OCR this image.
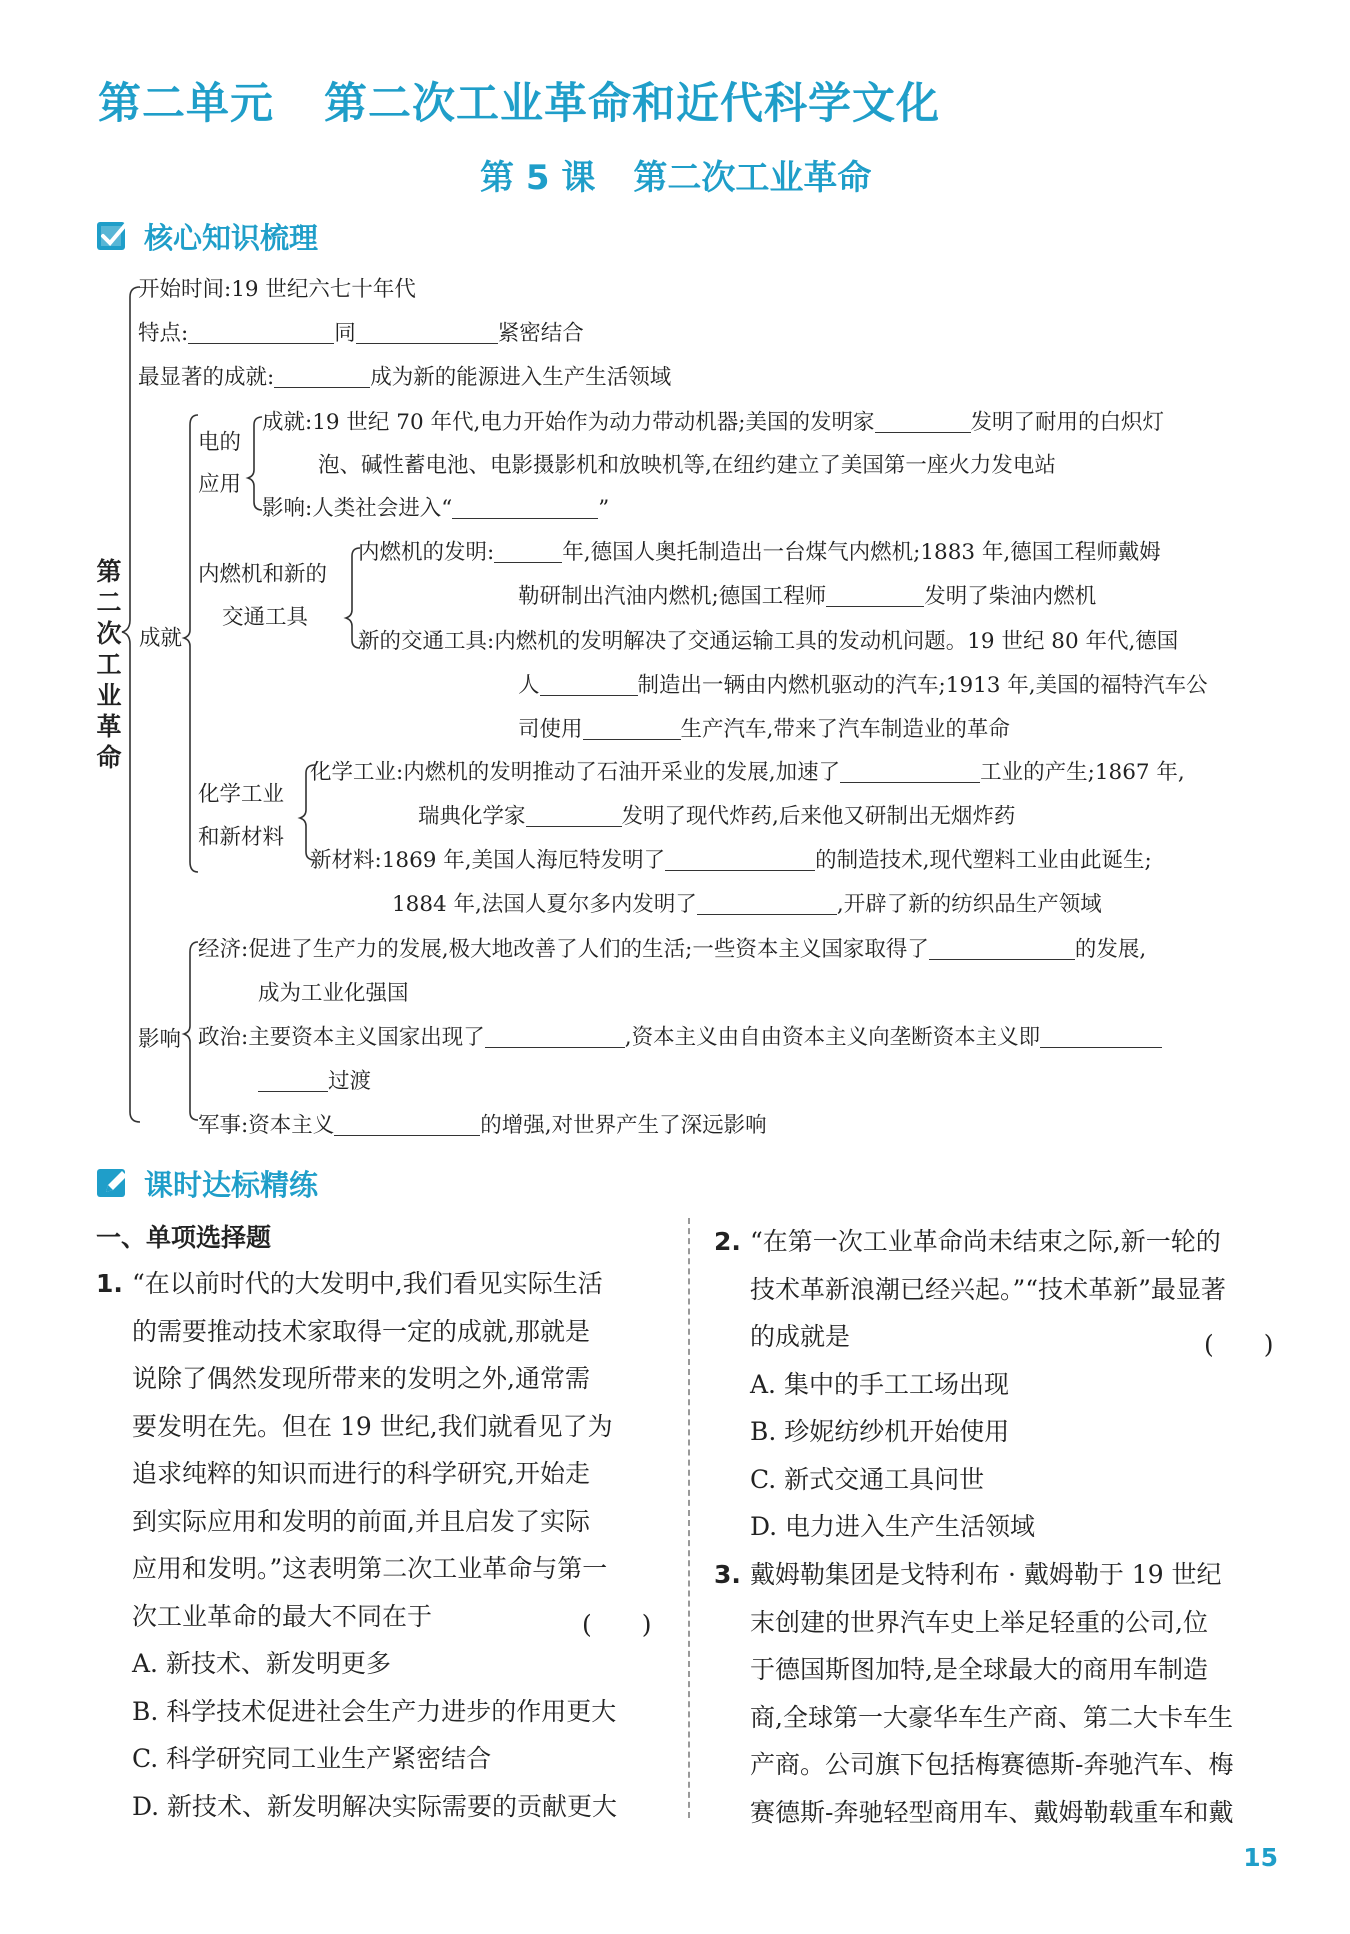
第二单元 第二次工业革命和近代科学文化
第 5 课 第二次工业革命
核心知识梳理
第二次工业革命
开始时间:19 世纪六七十年代
特点:	同	紧密结合
最显著的成就:	成为新的能源进入生产生活领域
成就
电的
应用
成就:19 世纪 70 年代,电力开始作为动力带动机器;美国的发明家	发明了耐用的白炽灯
泡、碱性蓄电池、电影摄影机和放映机等,在纽约建立了美国第一座火力发电站
影响:人类社会进入“	”
内燃机和新的
交通工具
内燃机的发明:	年,德国人奥托制造出一台煤气内燃机;1883 年,德国工程师戴姆
勒研制出汽油内燃机;德国工程师	发明了柴油内燃机
新的交通工具:内燃机的发明解决了交通运输工具的发动机问题。19 世纪 80 年代,德国
人	制造出一辆由内燃机驱动的汽车;1913 年,美国的福特汽车公
司使用	生产汽车,带来了汽车制造业的革命
化学工业
和新材料
化学工业:内燃机的发明推动了石油开采业的发展,加速了	工业的产生;1867 年,
瑞典化学家	发明了现代炸药,后来他又研制出无烟炸药
新材料:1869 年,美国人海厄特发明了	的制造技术,现代塑料工业由此诞生;
1884 年,法国人夏尔多内发明了	,开辟了新的纺织品生产领域
影响
经济:促进了生产力的发展,极大地改善了人们的生活;一些资本主义国家取得了	的发展,
成为工业化强国
政治:主要资本主义国家出现了	,资本主义由自由资本主义向垄断资本主义即
过渡
军事:资本主义	的增强,对世界产生了深远影响
课时达标精练
一、单项选择题
1. “在以前时代的大发明中,我们看见实际生活
的需要推动技术家取得一定的成就,那就是
说除了偶然发现所带来的发明之外,通常需
要发明在先。但在 19 世纪,我们就看见了为
追求纯粹的知识而进行的科学研究,开始走
到实际应用和发明的前面,并且启发了实际
应用和发明。”这表明第二次工业革命与第一
次工业革命的最大不同在于
A. 新技术、新发明更多
B. 科学技术促进社会生产力进步的作用更大
C. 科学研究同工业生产紧密结合
D. 新技术、新发明解决实际需要的贡献更大
(　　)
2. “在第一次工业革命尚未结束之际,新一轮的
技术革新浪潮已经兴起。”“技术革新”最显著
的成就是
A. 集中的手工工场出现
B. 珍妮纺纱机开始使用
C. 新式交通工具问世
D. 电力进入生产生活领域
(　　)
3. 戴姆勒集团是戈特利布 · 戴姆勒于 19 世纪
末创建的世界汽车史上举足轻重的公司,位
于德国斯图加特,是全球最大的商用车制造
商,全球第一大豪华车生产商、第二大卡车生
产商。公司旗下包括梅赛德斯-奔驰汽车、梅
赛德斯-奔驰轻型商用车、戴姆勒载重车和戴
15
